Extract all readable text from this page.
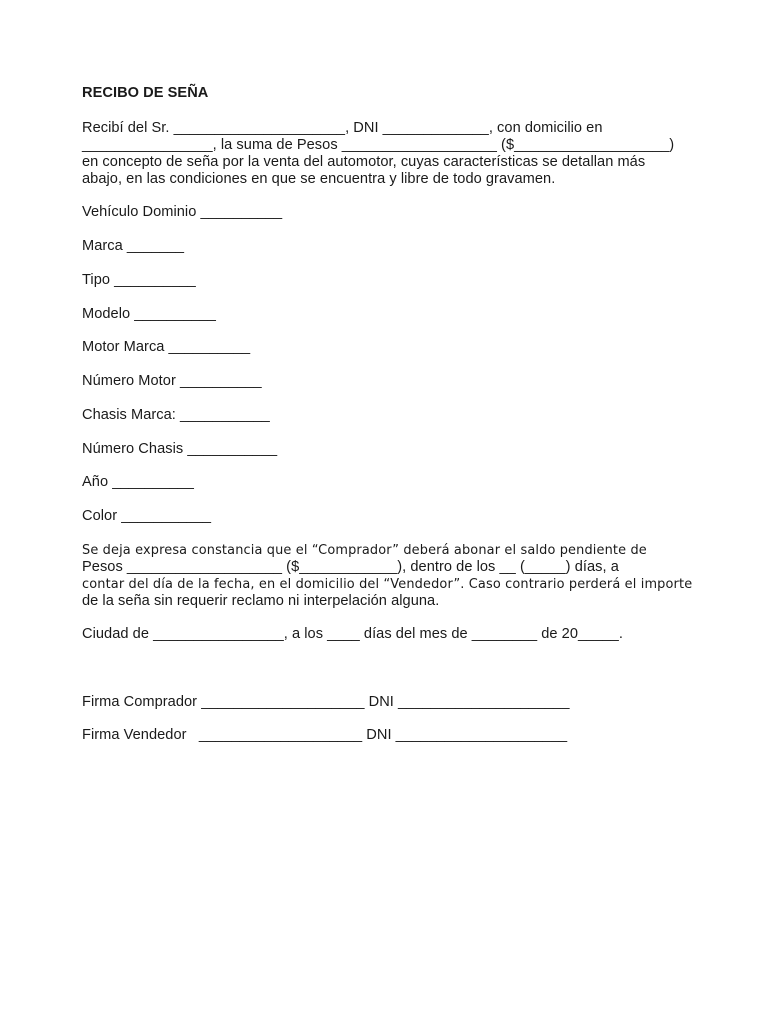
RECIBO DE SEÑA
Recibí del Sr. _____________________, DNI _____________, con domicilio en
________________, la suma de Pesos ___________________ ($___________________)
en concepto de seña por la venta del automotor, cuyas características se detallan más
abajo, en las condiciones en que se encuentra y libre de todo gravamen.
Vehículo Dominio __________
Marca _______
Tipo __________
Modelo __________
Motor Marca __________
Número Motor __________
Chasis Marca: ___________
Número Chasis ___________
Año __________
Color ___________
Se deja expresa constancia que el “Comprador” deberá abonar el saldo pendiente de
Pesos ___________________ ($____________), dentro de los __ (_____) días, a
contar del día de la fecha, en el domicilio del “Vendedor”. Caso contrario perderá el importe
de la seña sin requerir reclamo ni interpelación alguna.
Ciudad de ________________, a los ____ días del mes de ________ de 20_____.
Firma Comprador ____________________ DNI _____________________
Firma Vendedor   ____________________ DNI _____________________
